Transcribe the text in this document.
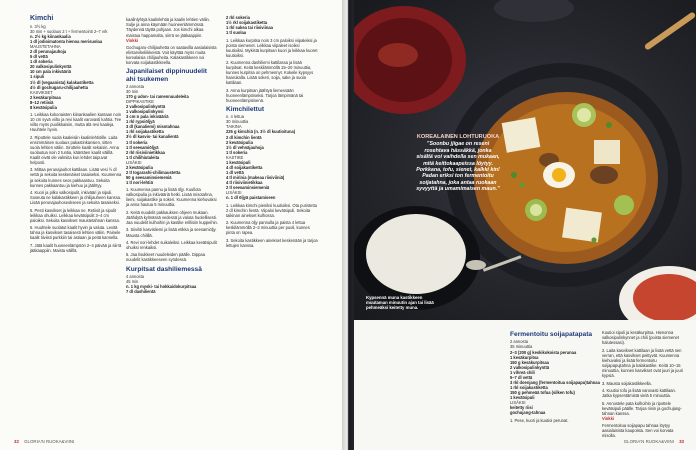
Kimchi
n. 3½ kg
30 min + suolaus 2 t + fermentointi 2–7 vrk
n. 2½ kg kiinankaalia
1 dl jodioimatonta hienoa merisuolaa
MAUSTETAHNA
2 dl perunajauhoja
5 dl vettä
1 dl sokeria
20 valkosipulinkynttä
10 cm pala inkivääriä
1 sipuli
1½ dl (vegaanista) kalakastiketta
4½ dl gochugaru-chilijauhetta
KASVIKSET
2 kesäkurpitsaa
8–12 retiisiä
8 kevätsipulia
1. Leikkaa kokonaisten kiinankaalien kantaan noin 10 cm syvä viilto ja revi kaalit varovasti kahtia. Tee viilto myös puolikkaisiin, mutta älä revi kaaleja. Huuhtele hyvin.
2. Ripottele suola kaaleisiin kaalinlehtiöille. Laita ensimmäisen suolaus pakastinkansien, sitten suola lehtien väliin. Sirottele kaalit sekaisin. Anna suolautua noin 2 tuntia, kääntäen kaalit välillä. Kaalit eivät ole valmiita kun lehdet taipuvat helposti.
3. Mittaa perunajauhot kattilaan. Lisää vesi ½ dl vettä ja sekoita keskenäiset tasaiseksi. Kuumenna ja sekoita kunnes seos pakkaantuu. Sekoita kunnes pakkaantuu ja kiehuu ja jäähtyy.
4. Kuori ja pilko valkosipulit, inkivääri ja sipuli. Soseuta ne kalakastikkeen ja chilijauheen kanssa. Lisää perunajauhoseokseen ja sekoita tasaiseksi.
5. Pesti kasvikset ja leikkaa ne. Retiisit ja sipulit leikkaa ohuiksi. Leikkaa kevätsipulit 3–4 cm paloiksi. Sekoita kasvikset maustetahnan kanssa.
6. Huuhtele suolatut kaalit hyvin ja valuta. Levitä tahna ja kasvikset tasaisesti lehtien väliin. Painele kaalit tiiviisti purkkiin tai astiaan ja peitä kannella.
7. Jätä kaalit huoneenlämpöön 2–4 päivää ja siirrä jääkaappiin. Maista välillä.
kaalinlyhtyä kaalinlehtiä ja kaalin lehtien väliin. Sulje ja anna käymään huoneenlämmössä. Täydennä täyttä pohjaan. Jos kimchi alkaa maistua happamalta, siirrä se jääkaappiin.
Vinkki
Gochugaru-chilijauhetta on saatavilla aasialaisista elintarvikeliikkeistä. Voit käyttää myös muita korealaisia chilijauheita. Kalakastikkeen voi korvata soijakastikkeella.
Japanilaiset dippinuudelit ahi tsukemen
2 annosta
30 min
170 g udon- tai ramennuudeleita
DIPPIKASTIKE
2 valkosipulinkynttä
1 valkosipulinkynsi
3 cm:n pala inkivääriä
1 rkl rypsiöljyä
3 dl (kanaliemi) misotahnaa
1 rkl soijakastiketta
3½ dl kasvis- tai kanalientä
1 tl sokeria
1 tl seesamiöljyä
2 rkl riisiviinietikkaa
1 tl chilihiutaleita
LISÄKSI
2 kevätsipulia
2 tl togarashi-chilimaustetta
50 g seesaminsiemeniä
1 tl nori-lehtiä
1. Kuumenna pannu ja lisää öljy. Kuullota valkosipulia ja inkivääriä hetki. Lisää misotahna, liemi, soijakastike ja sokeri. Kuumenna kiehuvaksi ja anna hautua 5 minuuttia.
2. Keitä nuudelit pakkauksen ohjeen mukaan. Jäähdytä kylmässä vedessä ja valuta huolellisesti. Jaa nuudelit kulhoihin ja kastike erillisiin kuppeihin.
3. Siivilöi kasvisliemi ja lisää etikka ja seesamiöljy. Mausta chilillä.
4. Revi nori-lehdet suikaleiksi. Leikkaa kevätsipulit ohuiksi renkaiksi.
5. Jaa lisukkeet nuudeleiden päälle. Dippaa nuudelit kastikkeeseen syödessä.
Kurpitsat dashiliemessä
4 annosta
45 min
n. 1 kg myski- tai hokkaidokurpitsaa
7 dl dashilientä
2 rkl sokeria
1½ rkl soijakastiketta
1 rkl sakea tai riisiviinaa
1 tl suolaa
1. Leikkaa kurpitsa noin 3 cm paloiksi viipaleiksi ja poista siemenet. Leikkaa viipaleet isoiksi kuutioiksi. Mykistä kurpitsan kuori ja leikkaa kuoret kuutioiksi.
2. Kuumenna dashiliemi kattilassa ja lisää kurpitsat. Keitä keskilämmöllä 15–20 minuuttia, kunnes kurpitsa on pehmennyt. Kokeile kypsyys haarukalla. Lisää sokeri, soija, sake ja suola kattilaan.
3. Anna kurpitsan jäähtyä liemessään huoneenlämpöiseksi. Tarjoa lämpimänä tai huoneenlämpöisenä.
Kimchilettut
n. 4 lettua
30 minuuttia
TAIKINA
225 g kimchiä (n. 3½ dl kuutioituna)
2 dl kimchin lientä
2 kevätsipulia
1½ dl vehnäjauhoja
1 tl sokeria
KASTIKE
1 kevätsipuli
4 dl soijakastiketta
1 dl vettä
4 tl mirinia (makeaa riisiviiniä)
4 tl riisiviinietikkaa
2 tl seesaminsiemeniä
LISÄKSI
n. 1 dl öljyä paistamiseen
1. Leikkaa kimchi pieniksi kuutioiksi. Ota puristettu 2 dl kimchin lientä. Viipaloi kevätsipuli. Sekoita taikinan ainekset kulhossa.
2. Kuumenna öljy pannulla ja paista 4 lettua keskilämmöllä 2–3 minuuttia per puoli, kunnes pinta on rapea.
3. Sekoita kastikkeen ainekset keskenään ja tarjoa lettujen kanssa.
32 GLORIA'N RUOKA&VIINI
KOREALAINEN LOHTURUOKA
”Soonbu jjigae on reseni rosehtava hässäkkä, jonka sisältä voi vaihdella sen mukaan, mitä keittokaapeissa löytyy. Porkkana, tofu, sienet, kalkki kin! Padan eriksi ton fermentoitu soijatahna, joka antaa ruokaan syvyyttä ja umamimaisen maun.”
Kypsennä muna kastikkeen muutaman minuutin ajan tai lisää pehmeäksi keitetty muna.
Fermentoitu soijapatapata
2 annosta
35 minuuttia
2–3 (200 g) keskikokoista perunaa
1 kesäkurpitsa
150 g kesäkurpitsaa
2 valkosipulinkynttä
1 vihreä chili
5–7 dl vettä
3 rkl doenjang (fermentoitua soijapapu)tahnaa
1 rkl soijakastiketta
150 g pehmeää tofua (silken tofu)
1 kevätsipuli
LISÄKSI
keitetty riisi
gochujang-tahnaa
1. Pese, kuori ja kuutioi perunat.
Kuutioi sipuli ja kesäkurpitsa. Hienonna valkosipulinkynnet ja chili (poista siemenet halutessasi).
2. Laita kasvikset kattilaan ja lisää vettä sen verran, että kasvikset peittyvät. Kuumenna kiehuvaksi ja lisää fermentoitu soijapapujtahna ja kalakastike. Keitä 10–15 minuuttia, kunnes kasvikset ovat juuri ja juuri kypsiä.
3. Mausta soijakastikkeella.
4. Kuutioi tofu ja lisää varovasti kattilaan. Jatka kypsentämistä vielä 5 minuuttia.
5. Annostele pata kulhoihin ja ripottele kevätsipuli päälle. Tarjoa riisin ja gochujang-tahnan kanssa.
Vinkki
Fermentoitua soijapapu tahnaa löytyy aasialaisista kaupoista. Sen voi korvata misolla.
GLORIA'N RUOKA&VIINI 33
